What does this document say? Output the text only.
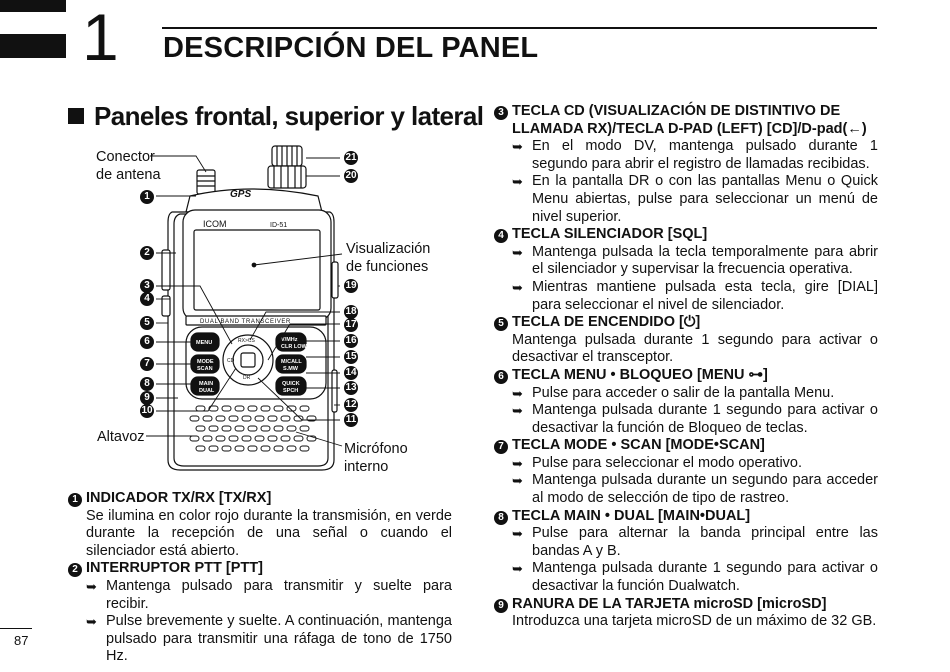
1 DESCRIPCIÓN DEL PANEL
Paneles frontal, superior y lateral
Conector
de antena
Visualización
de funciones
Altavoz
Micrófono
interno
GPS
ICOM	ID-51
DUAL BAND TRANSCEIVER
RX>CS
CD
DR
MENU
MODE
SCAN
MAIN
DUAL
V/MHz
CLR LOW
M/CALL
S.MW
QUICK
SPCH
1
2
3
4
5
6
7
8
9
10
21
20
19
18
17
16
15
14
13
12
11

1 INDICADOR TX/RX [TX/RX]

Se ilumina en color rojo durante la transmisión, en verde durante la recepción de una señal o cuando el silenciador está abierto.

2 INTERRUPTOR PTT [PTT]

➥ Mantenga pulsado para transmitir y suelte para recibir.

➥ Pulse brevemente y suelte. A continuación, mantenga pulsado para transmitir una ráfaga de tono de 1750 Hz.

3 TECLA CD (VISUALIZACIÓN DE DISTINTIVO DE LLAMADA RX)/TECLA D-PAD (LEFT) [CD]/D-pad(←)

➥ En el modo DV, mantenga pulsado durante 1 segundo para abrir el registro de llamadas recibidas.

➥ En la pantalla DR o con las pantallas Menu o Quick Menu abiertas, pulse para seleccionar un menú de nivel superior.

4 TECLA SILENCIADOR [SQL]

➥ Mantenga pulsada la tecla temporalmente para abrir el silenciador y supervisar la frecuencia operativa.

➥ Mientras mantiene pulsada esta tecla, gire [DIAL] para seleccionar el nivel de silenciador.

5 TECLA DE ENCENDIDO [⏻]

Mantenga pulsada durante 1 segundo para activar o desactivar el transceptor.

6 TECLA MENU • BLOQUEO [MENU ⊶]

➥ Pulse para acceder o salir de la pantalla Menu.

➥ Mantenga pulsada durante 1 segundo para activar o desactivar la función de Bloqueo de teclas.

7 TECLA MODE • SCAN [MODE•SCAN]

➥ Pulse para seleccionar el modo operativo.

➥ Mantenga pulsada durante un segundo para acceder al modo de selección de tipo de rastreo.

8 TECLA MAIN • DUAL [MAIN•DUAL]

➥ Pulse para alternar la banda principal entre las bandas A y B.

➥ Mantenga pulsada durante 1 segundo para activar o desactivar la función Dualwatch.

9 RANURA DE LA TARJETA microSD [microSD]

Introduzca una tarjeta microSD de un máximo de 32 GB.

87
